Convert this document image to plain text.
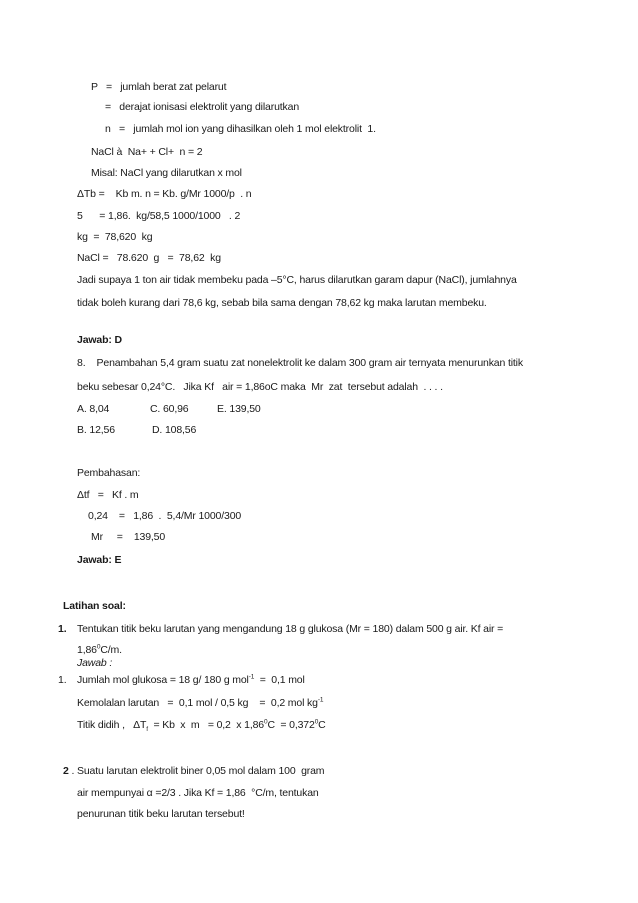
P   =   jumlah berat zat pelarut
=   derajat ionisasi elektrolit yang dilarutkan
n   =   jumlah mol ion yang dihasilkan oleh 1 mol elektrolit  1.
NaCl à  Na+ + Cl+  n = 2
Misal: NaCl yang dilarutkan x mol
ΔTb =    Kb m. n = Kb. g/Mr 1000/p  . n
5      = 1,86.  kg/58,5 1000/1000   . 2
kg  =  78,620  kg
NaCl =   78.620  g   =  78,62  kg
Jadi supaya 1 ton air tidak membeku pada –5°C, harus dilarutkan garam dapur (NaCl), jumlahnya
tidak boleh kurang dari 78,6 kg, sebab bila sama dengan 78,62 kg maka larutan membeku.
Jawab: D
8.    Penambahan 5,4 gram suatu zat nonelektrolit ke dalam 300 gram air ternyata menurunkan titik
beku sebesar 0,24°C.   Jika Kf   air = 1,86oC maka  Mr  zat  tersebut adalah  . . . .
A. 8,04	C. 60,96	E. 139,50
B. 12,56	D. 108,56
Pembahasan:
Δtf   =   Kf . m
0,24    =   1,86  .  5,4/Mr 1000/300
Mr     =    139,50
Jawab: E
Latihan soal:
1. Tentukan titik beku larutan yang mengandung 18 g glukosa (Mr = 180) dalam 500 g air. Kf air =
$1,86^0C/m$.
Jawab :
1. Jumlah mol glukosa = 18 g/ 180 g mol$^{-1}$  =  0,1 mol
Kemolalan larutan   =  0,1 mol / 0,5 kg    =  0,2 mol $kg^{-1}$
Titik didih ,   $\Delta T_f = Kb$  x  m   = 0,2  x $1,86^0C = 0,372^0C$
2 . Suatu larutan elektrolit biner 0,05 mol dalam 100  gram
air mempunyai α =2/3 . Jika Kf = 1,86  °C/m, tentukan
penurunan titik beku larutan tersebut!
